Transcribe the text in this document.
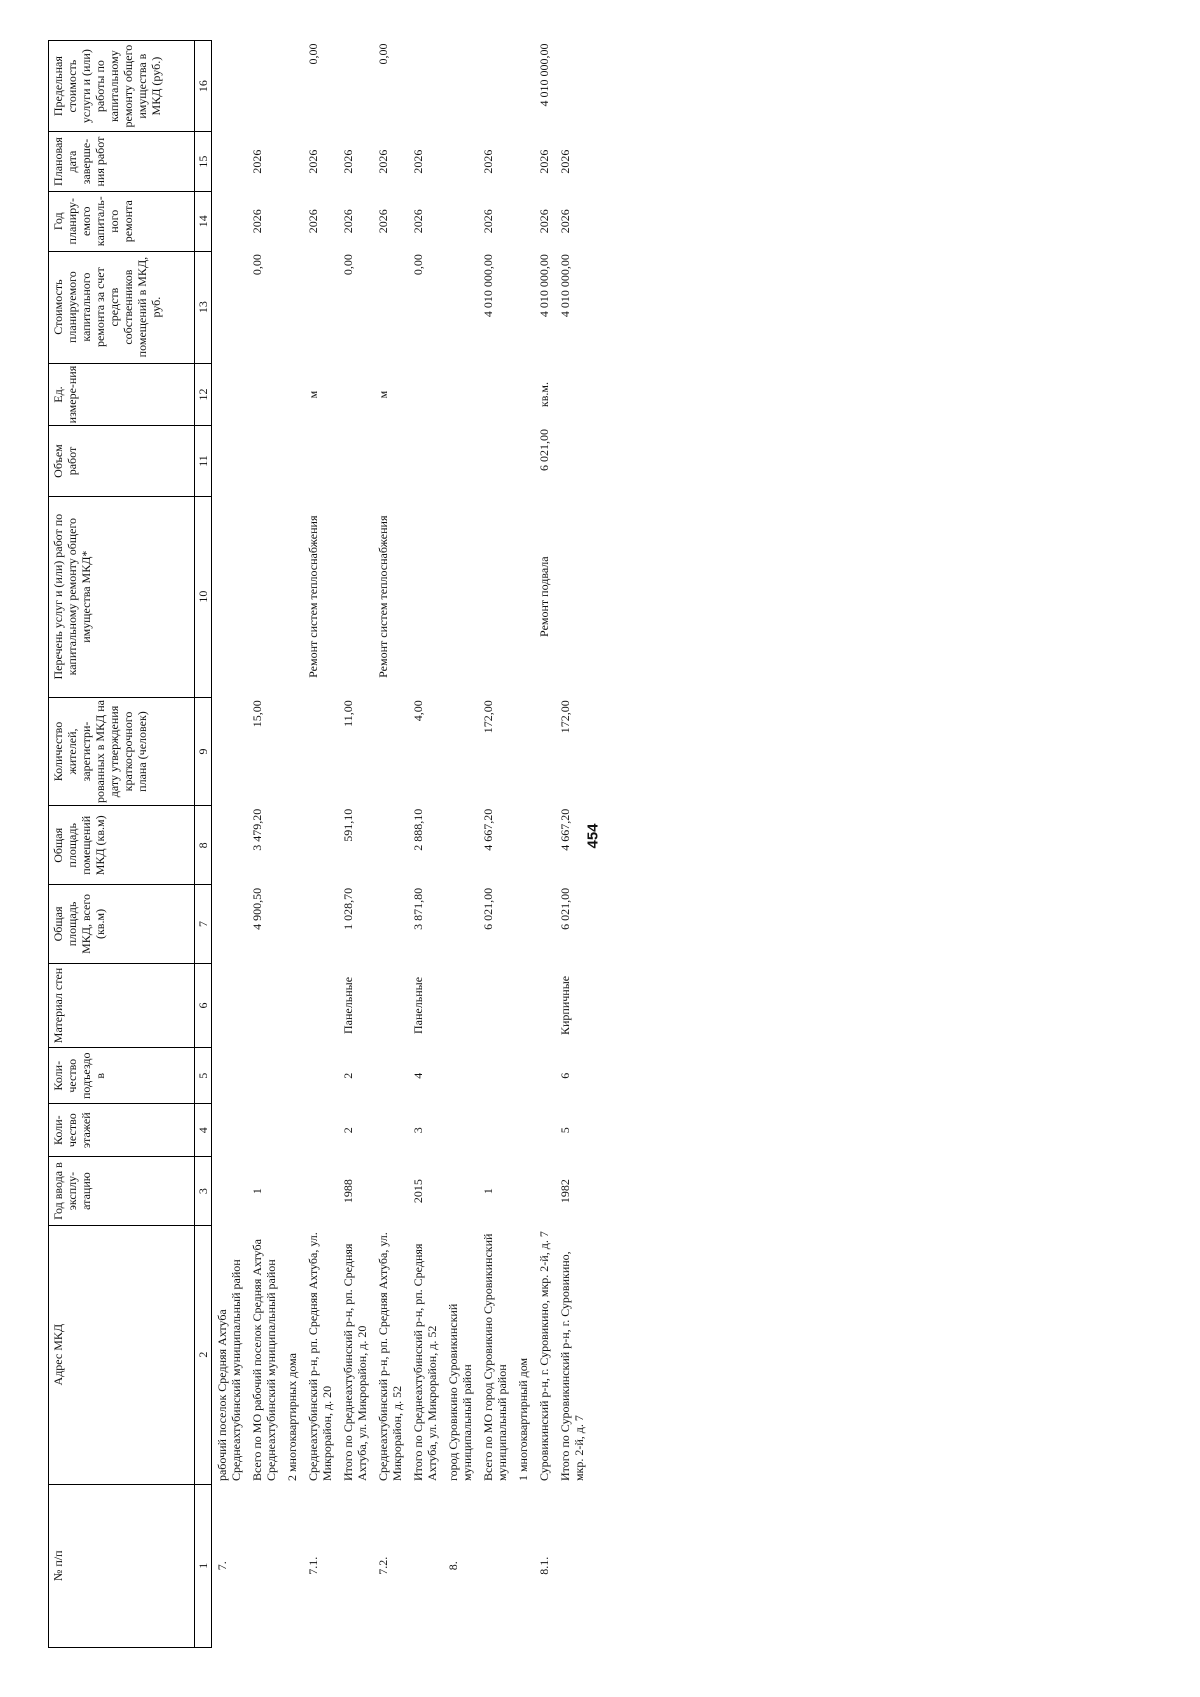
454
№ п/п	Адрес МКД	Год ввода в эксплу-атацию	Коли-чество этажей	Коли-чество подъездо в	Материал стен	Общая площадь МКД, всего (кв.м)	Общая площадь помещений МКД (кв.м)	Количество жителей, зарегистри-рованных в МКД на дату утверждения краткосрочного плана (человек)	Перечень услуг и (или) работ по капитальному ремонту общего имущества МКД*	Объем работ	Ед. измере-ния	Стоимость планируемого капитального ремонта за счет средств собственников помещений в МКД, руб.	Год планиру-емого капиталь-ного ремонта	Плановая дата заверше-ния работ	Предельная стоимость услуги и (или) работы по капитальному ремонту общего имущества в МКД (руб.)
1	2	3	4	5	6	7	8	9	10	11	12	13	14	15	16
7.	рабочий поселок Средняя Ахтуба Среднеахтубинский муниципальный район														
	Всего по МО рабочий поселок Средняя Ахтуба Среднеахтубинский муниципальный район	1				4 900,50	3 479,20	15,00				0,00	2026	2026	
	2 многоквартирных дома														
7.1.	Среднеахтубинский р-н, рп. Средняя Ахтуба, ул. Микрорайон, д. 20								Ремонт систем теплоснабжения		м		2026	2026	0,00
	Итого по Среднеахтубинский р-н, рп. Средняя Ахтуба, ул. Микрорайон, д. 20	1988	2	2	Панельные	1 028,70	591,10	11,00				0,00	2026	2026	
7.2.	Среднеахтубинский р-н, рп. Средняя Ахтуба, ул. Микрорайон, д. 52								Ремонт систем теплоснабжения		м		2026	2026	0,00
	Итого по Среднеахтубинский р-н, рп. Средняя Ахтуба, ул. Микрорайон, д. 52	2015	3	4	Панельные	3 871,80	2 888,10	4,00				0,00	2026	2026	
8.	город Суровикино Суровикинский муниципальный район														
	Всего по МО город Суровикино Суровикинский муниципальный район	1				6 021,00	4 667,20	172,00				4 010 000,00	2026	2026	
	1 многоквартирный дом														
8.1.	Суровикинский р-н, г. Суровикино, мкр. 2-й, д. 7								Ремонт подвала	6 021,00	кв.м.	4 010 000,00	2026	2026	4 010 000,00
	Итого по Суровикинский р-н, г. Суровикино, мкр. 2-й, д. 7	1982	5	6	Кирпичные	6 021,00	4 667,20	172,00				4 010 000,00	2026	2026	
